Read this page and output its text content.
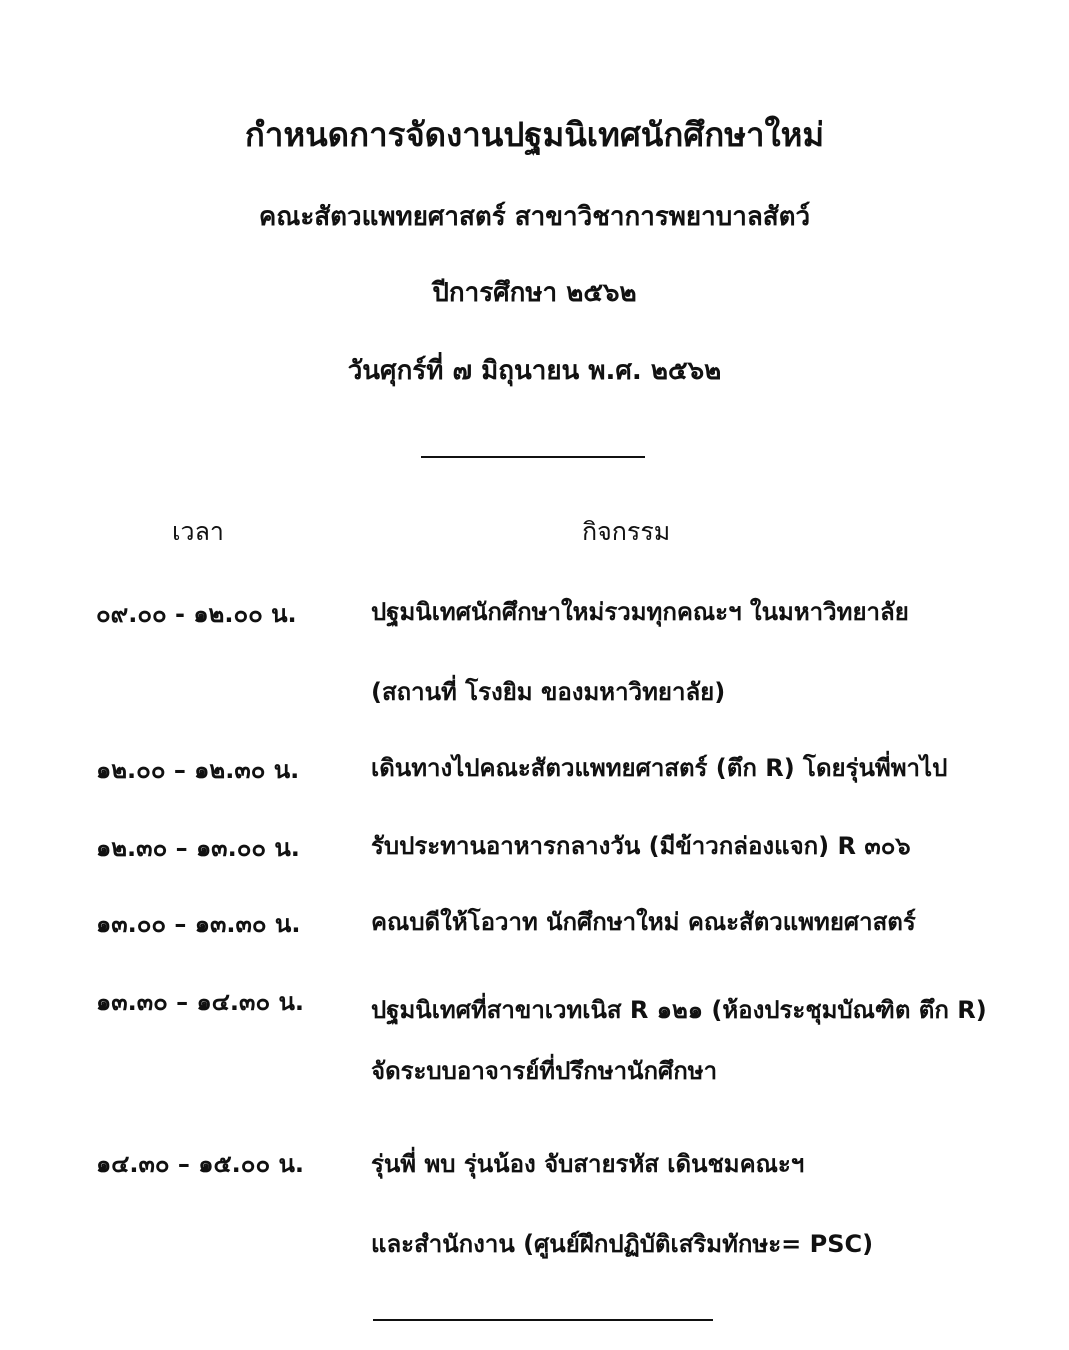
กำหนดการจัดงานปฐมนิเทศนักศึกษาใหม่
คณะสัตวแพทยศาสตร์ สาขาวิชาการพยาบาลสัตว์
ปีการศึกษา ๒๕๖๒
วันศุกร์ที่ ๗ มิถุนายน พ.ศ. ๒๕๖๒
เวลา	กิจกรรม
๐๙.๐๐ - ๑๒.๐๐ น.	ปฐมนิเทศนักศึกษาใหม่รวมทุกคณะฯ ในมหาวิทยาลัย
(สถานที่ โรงยิม ของมหาวิทยาลัย)
๑๒.๐๐ – ๑๒.๓๐ น.	เดินทางไปคณะสัตวแพทยศาสตร์ (ตึก R) โดยรุ่นพี่พาไป
๑๒.๓๐ – ๑๓.๐๐ น.	รับประทานอาหารกลางวัน (มีข้าวกล่องแจก) R ๓๐๖
๑๓.๐๐ – ๑๓.๓๐ น.	คณบดีให้โอวาท นักศึกษาใหม่ คณะสัตวแพทยศาสตร์
๑๓.๓๐ – ๑๔.๓๐ น.	ปฐมนิเทศที่สาขาเวทเนิส R ๑๒๑ (ห้องประชุมบัณฑิต ตึก R)
จัดระบบอาจารย์ที่ปรึกษานักศึกษา
๑๔.๓๐ – ๑๕.๐๐ น.	รุ่นพี่ พบ รุ่นน้อง จับสายรหัส เดินชมคณะฯ
และสำนักงาน (ศูนย์ฝึกปฏิบัติเสริมทักษะ= PSC)
